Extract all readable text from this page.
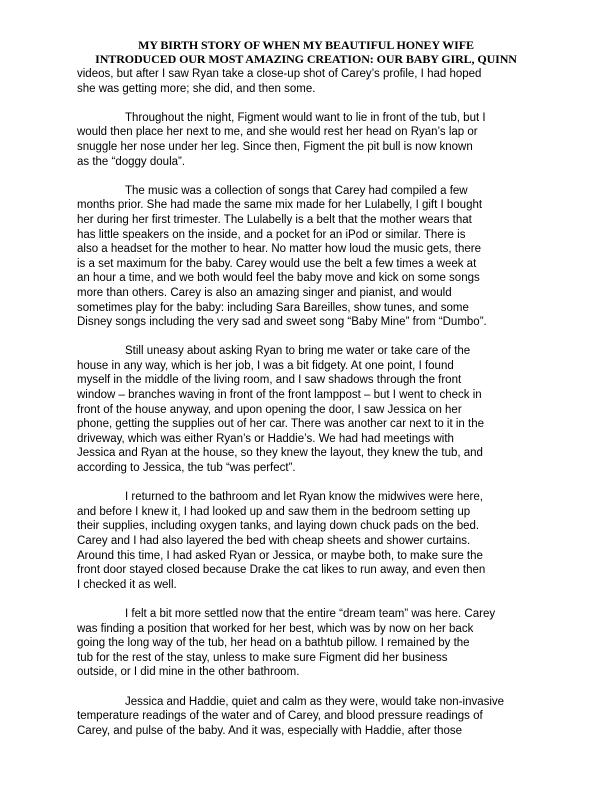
MY BIRTH STORY OF WHEN MY BEAUTIFUL HONEY WIFE
INTRODUCED OUR MOST AMAZING CREATION: OUR BABY GIRL, QUINN
videos, but after I saw Ryan take a close-up shot of Carey’s profile, I had hoped
she was getting more; she did, and then some.
Throughout the night, Figment would want to lie in front of the tub, but I
would then place her next to me, and she would rest her head on Ryan’s lap or
snuggle her nose under her leg. Since then, Figment the pit bull is now known
as the “doggy doula”.
The music was a collection of songs that Carey had compiled a few
months prior. She had made the same mix made for her Lulabelly, I gift I bought
her during her first trimester. The Lulabelly is a belt that the mother wears that
has little speakers on the inside, and a pocket for an iPod or similar. There is
also a headset for the mother to hear. No matter how loud the music gets, there
is a set maximum for the baby. Carey would use the belt a few times a week at
an hour a time, and we both would feel the baby move and kick on some songs
more than others. Carey is also an amazing singer and pianist, and would
sometimes play for the baby: including Sara Bareilles, show tunes, and some
Disney songs including the very sad and sweet song “Baby Mine” from “Dumbo”.
Still uneasy about asking Ryan to bring me water or take care of the
house in any way, which is her job, I was a bit fidgety. At one point, I found
myself in the middle of the living room, and I saw shadows through the front
window – branches waving in front of the front lamppost – but I went to check in
front of the house anyway, and upon opening the door, I saw Jessica on her
phone, getting the supplies out of her car. There was another car next to it in the
driveway, which was either Ryan’s or Haddie’s. We had had meetings with
Jessica and Ryan at the house, so they knew the layout, they knew the tub, and
according to Jessica, the tub “was perfect”.
I returned to the bathroom and let Ryan know the midwives were here,
and before I knew it, I had looked up and saw them in the bedroom setting up
their supplies, including oxygen tanks, and laying down chuck pads on the bed.
Carey and I had also layered the bed with cheap sheets and shower curtains.
Around this time, I had asked Ryan or Jessica, or maybe both, to make sure the
front door stayed closed because Drake the cat likes to run away, and even then
I checked it as well.
I felt a bit more settled now that the entire “dream team” was here. Carey
was finding a position that worked for her best, which was by now on her back
going the long way of the tub, her head on a bathtub pillow. I remained by the
tub for the rest of the stay, unless to make sure Figment did her business
outside, or I did mine in the other bathroom.
Jessica and Haddie, quiet and calm as they were, would take non-invasive
temperature readings of the water and of Carey, and blood pressure readings of
Carey, and pulse of the baby. And it was, especially with Haddie, after those
